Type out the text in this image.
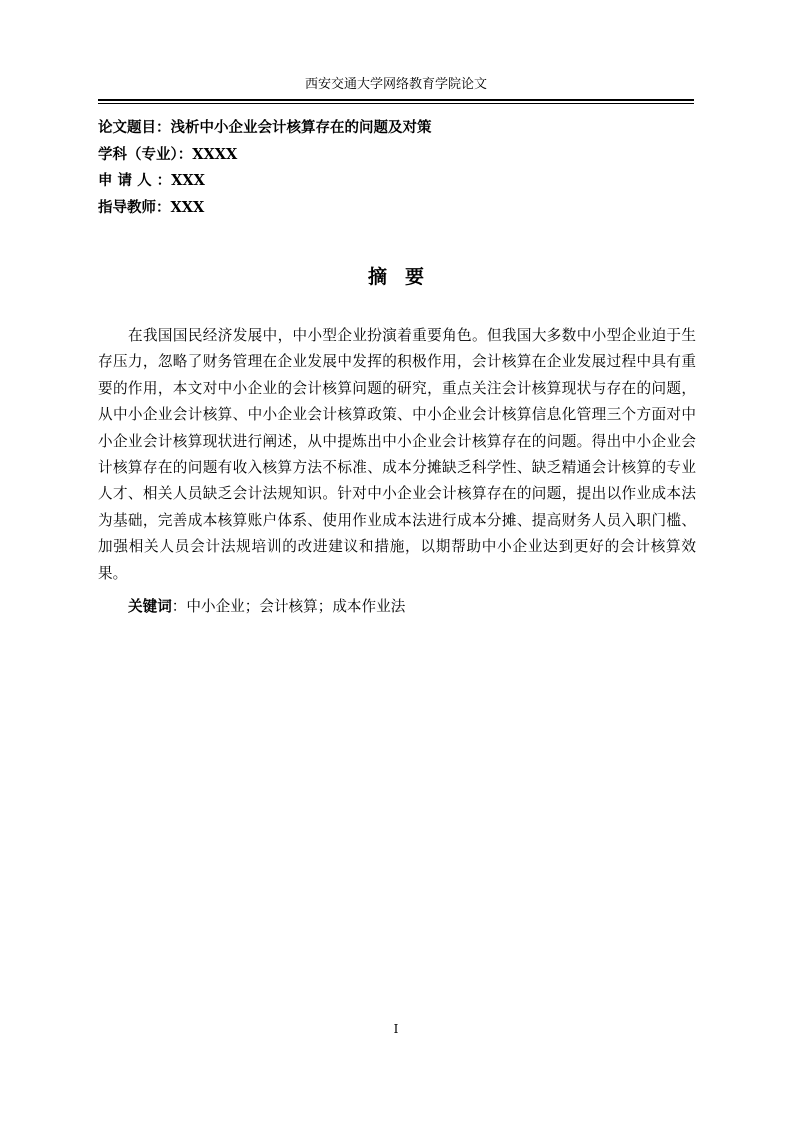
西安交通大学网络教育学院论文
论文题目：浅析中小企业会计核算存在的问题及对策
学科（专业）：XXXX
申 请 人 ：XXX
指导教师：XXX
摘要

在我国国民经济发展中，中小型企业扮演着重要角色。但我国大多数中小型企业迫于生存压力，忽略了财务管理在企业发展中发挥的积极作用，会计核算在企业发展过程中具有重要的作用，本文对中小企业的会计核算问题的研究，重点关注会计核算现状与存在的问题，从中小企业会计核算、中小企业会计核算政策、中小企业会计核算信息化管理三个方面对中小企业会计核算现状进行阐述，从中提炼出中小企业会计核算存在的问题。得出中小企业会计核算存在的问题有收入核算方法不标准、成本分摊缺乏科学性、缺乏精通会计核算的专业人才、相关人员缺乏会计法规知识。针对中小企业会计核算存在的问题，提出以作业成本法为基础，完善成本核算账户体系、使用作业成本法进行成本分摊、提高财务人员入职门槛、加强相关人员会计法规培训的改进建议和措施，以期帮助中小企业达到更好的会计核算效果。

关键词：中小企业；会计核算；成本作业法
I
